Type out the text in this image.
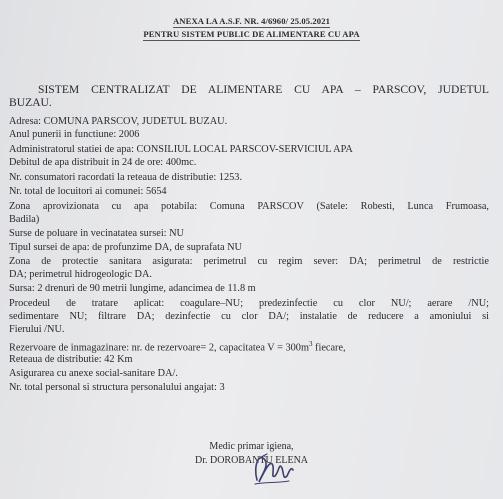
ANEXA LA A.S.F. NR. 4/6960/ 25.05.2021
PENTRU SISTEM PUBLIC DE ALIMENTARE CU APA
SISTEM CENTRALIZAT DE ALIMENTARE CU APA – PARSCOV, JUDETUL
BUZAU.
Adresa: COMUNA PARSCOV, JUDETUL BUZAU.
Anul punerii in functiune: 2006
Administratorul statiei de apa: CONSILIUL LOCAL PARSCOV-SERVICIUL APA
Debitul de apa distribuit in 24 de ore: 400mc.
Nr. consumatori racordati la reteaua de distributie: 1253.
Nr. total de locuitori ai comunei: 5654
Zona aprovizionata cu apa potabila: Comuna PARSCOV (Satele: Robesti, Lunca Frumoasa,
Badila)
Surse de poluare in vecinatatea sursei: NU
Tipul sursei de apa: de profunzime DA, de suprafata NU
Zona de protectie sanitara asigurata: perimetrul cu regim sever: DA; perimetrul de restrictie
DA; perimetrul hidrogeologic DA.
Sursa: 2 drenuri de 90 metrii lungime, adancimea de 11.8 m
Procedeul de tratare aplicat: coagulare–NU; predezinfectie cu clor NU/; aerare /NU;
sedimentare NU; filtrare DA; dezinfectie cu clor DA/; instalatie de reducere a amoniului si
Fierului /NU.
Rezervoare de inmagazinare: nr. de rezervoare= 2, capacitatea $V = 300m^3$ fiecare,
Reteaua de distributie: 42 Km
Asigurarea cu anexe social-sanitare DA/.
Nr. total personal si structura personalului angajat: 3
Medic primar igiena,
Dr. DOROBANTU ELENA
